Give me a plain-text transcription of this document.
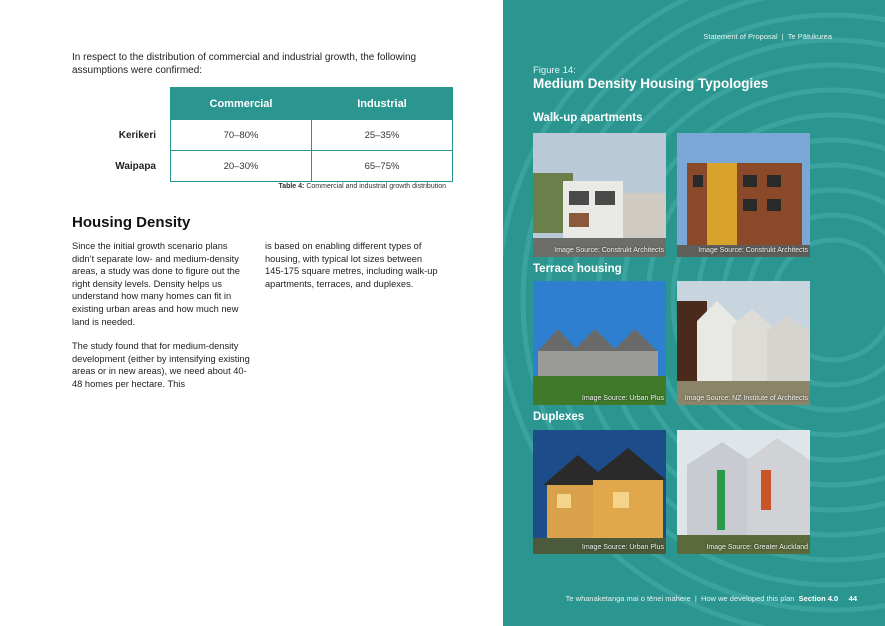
In respect to the distribution of commercial and industrial growth, the following assumptions were confirmed:
	Commercial	Industrial
Kerikeri	70–80%	25–35%
Waipapa	20–30%	65–75%
Table 4: Commercial and industrial growth distribution
Housing Density

Since the initial growth scenario plans didn’t separate low- and medium-density areas, a study was done to figure out the right density levels. Density helps us understand how many homes can fit in existing urban areas and how much new land is needed.

The study found that for medium-density development (either by intensifying existing areas or in new areas), we need about 40-48 homes per hectare. This

is based on enabling different types of housing, with typical lot sizes between 145-175 square metres, including walk-up apartments, terraces, and duplexes.

Statement of Proposal | Te Pātukurea
Figure 14:
Medium Density Housing Typologies
Walk-up apartments
Image Source: Construkt Architects	Image Source: Construkt Architects
Terrace housing
Image Source: Urban Plus	Image Source: NZ Institute of Architects
Duplexes
Image Source: Urban Plus	Image Source: Greater Auckland
Te whanaketanga mai o tēnei mahere | How we developed this plan Section 4.0 44
